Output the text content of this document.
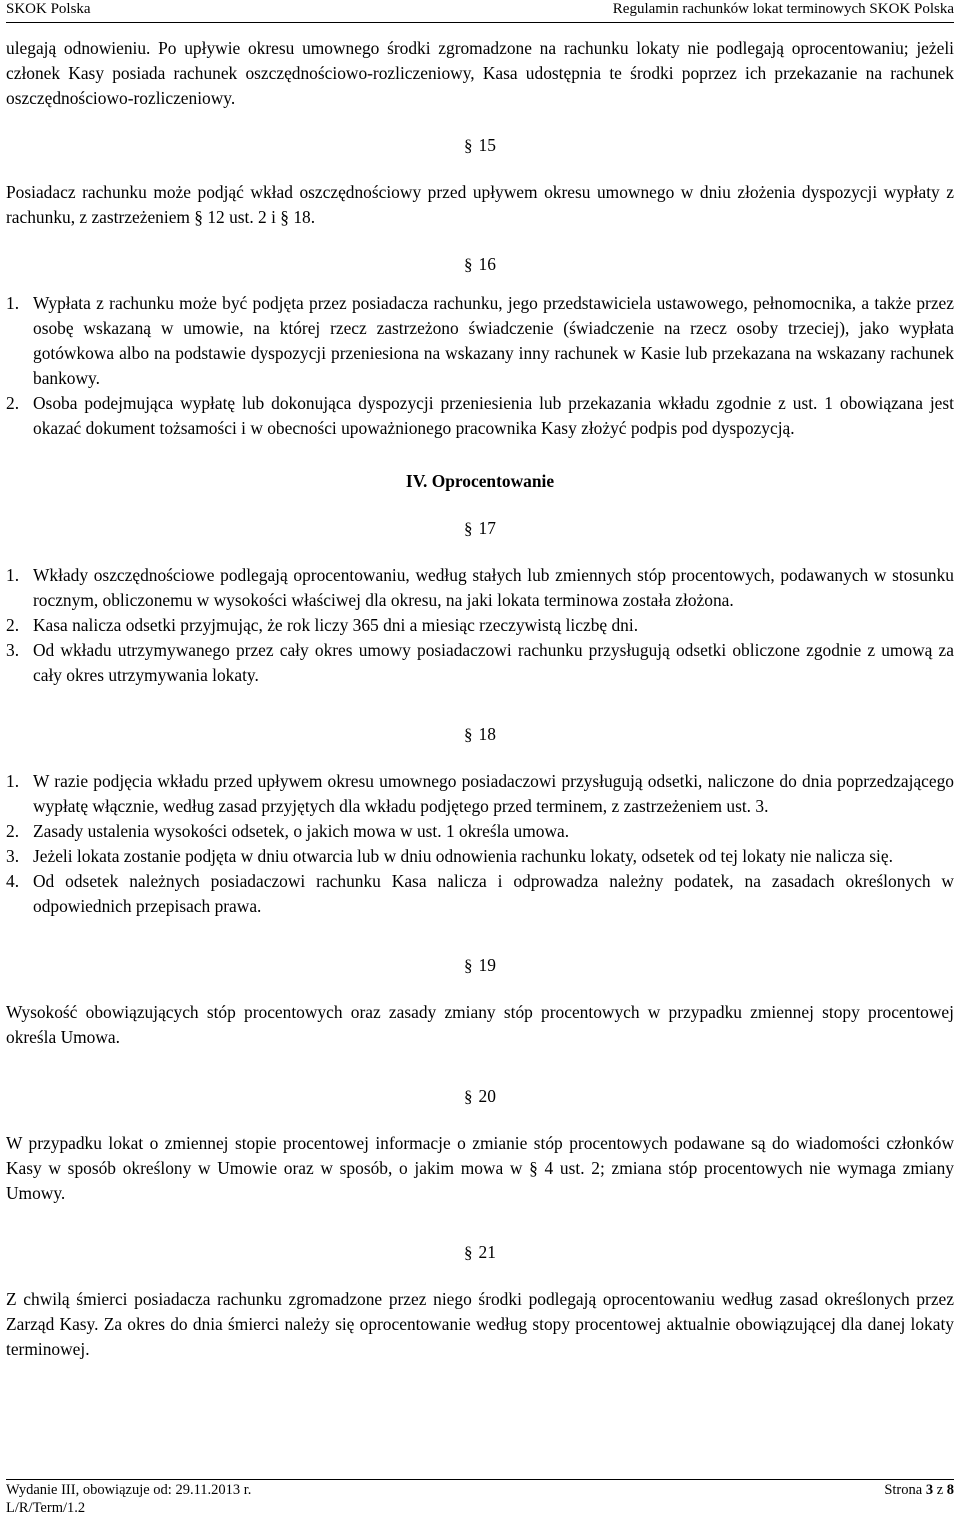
SKOK Polska	Regulamin rachunków lokat terminowych SKOK Polska

ulegają odnowieniu. Po upływie okresu umownego środki zgromadzone na rachunku lokaty nie podlegają oprocentowaniu; jeżeli członek Kasy posiada rachunek oszczędnościowo-rozliczeniowy, Kasa udostępnia te środki poprzez ich przekazanie na rachunek oszczędnościowo-rozliczeniowy.

§ 15

Posiadacz rachunku może podjąć wkład oszczędnościowy przed upływem okresu umownego w dniu złożenia dyspozycji wypłaty z rachunku, z zastrzeżeniem § 12 ust. 2 i § 18.

§ 16

1. Wypłata z rachunku może być podjęta przez posiadacza rachunku, jego przedstawiciela ustawowego, pełnomocnika, a także przez osobę wskazaną w umowie, na której rzecz zastrzeżono świadczenie (świadczenie na rzecz osoby trzeciej), jako wypłata gotówkowa albo na podstawie dyspozycji przeniesiona na wskazany inny rachunek w Kasie lub przekazana na wskazany rachunek bankowy.
2. Osoba podejmująca wypłatę lub dokonująca dyspozycji przeniesienia lub przekazania wkładu zgodnie z ust. 1 obowiązana jest okazać dokument tożsamości i w obecności upoważnionego pracownika Kasy złożyć podpis pod dyspozycją.

IV. Oprocentowanie

§ 17

1. Wkłady oszczędnościowe podlegają oprocentowaniu, według stałych lub zmiennych stóp procentowych, podawanych w stosunku rocznym, obliczonemu w wysokości właściwej dla okresu, na jaki lokata terminowa została złożona.
2. Kasa nalicza odsetki przyjmując, że rok liczy 365 dni a miesiąc rzeczywistą liczbę dni.
3. Od wkładu utrzymywanego przez cały okres umowy posiadaczowi rachunku przysługują odsetki obliczone zgodnie z umową za cały okres utrzymywania lokaty.

§ 18

1. W razie podjęcia wkładu przed upływem okresu umownego posiadaczowi przysługują odsetki, naliczone do dnia poprzedzającego wypłatę włącznie, według zasad przyjętych dla wkładu podjętego przed terminem, z zastrzeżeniem ust. 3.
2. Zasady ustalenia wysokości odsetek, o jakich mowa w ust. 1 określa umowa.
3. Jeżeli lokata zostanie podjęta w dniu otwarcia lub w dniu odnowienia rachunku lokaty, odsetek od tej lokaty nie nalicza się.
4. Od odsetek należnych posiadaczowi rachunku Kasa nalicza i odprowadza należny podatek, na zasadach określonych w odpowiednich przepisach prawa.

§ 19

Wysokość obowiązujących stóp procentowych oraz zasady zmiany stóp procentowych w przypadku zmiennej stopy procentowej określa Umowa.

§ 20

W przypadku lokat o zmiennej stopie procentowej informacje o zmianie stóp procentowych podawane są do wiadomości członków Kasy w sposób określony w Umowie oraz w sposób, o jakim mowa w § 4 ust. 2; zmiana stóp procentowych nie wymaga zmiany Umowy.

§ 21

Z chwilą śmierci posiadacza rachunku zgromadzone przez niego środki podlegają oprocentowaniu według zasad określonych przez Zarząd Kasy. Za okres do dnia śmierci należy się oprocentowanie według stopy procentowej aktualnie obowiązującej dla danej lokaty terminowej.

Wydanie III, obowiązuje od: 29.11.2013 r.	Strona 3 z 8
L/R/Term/1.2
